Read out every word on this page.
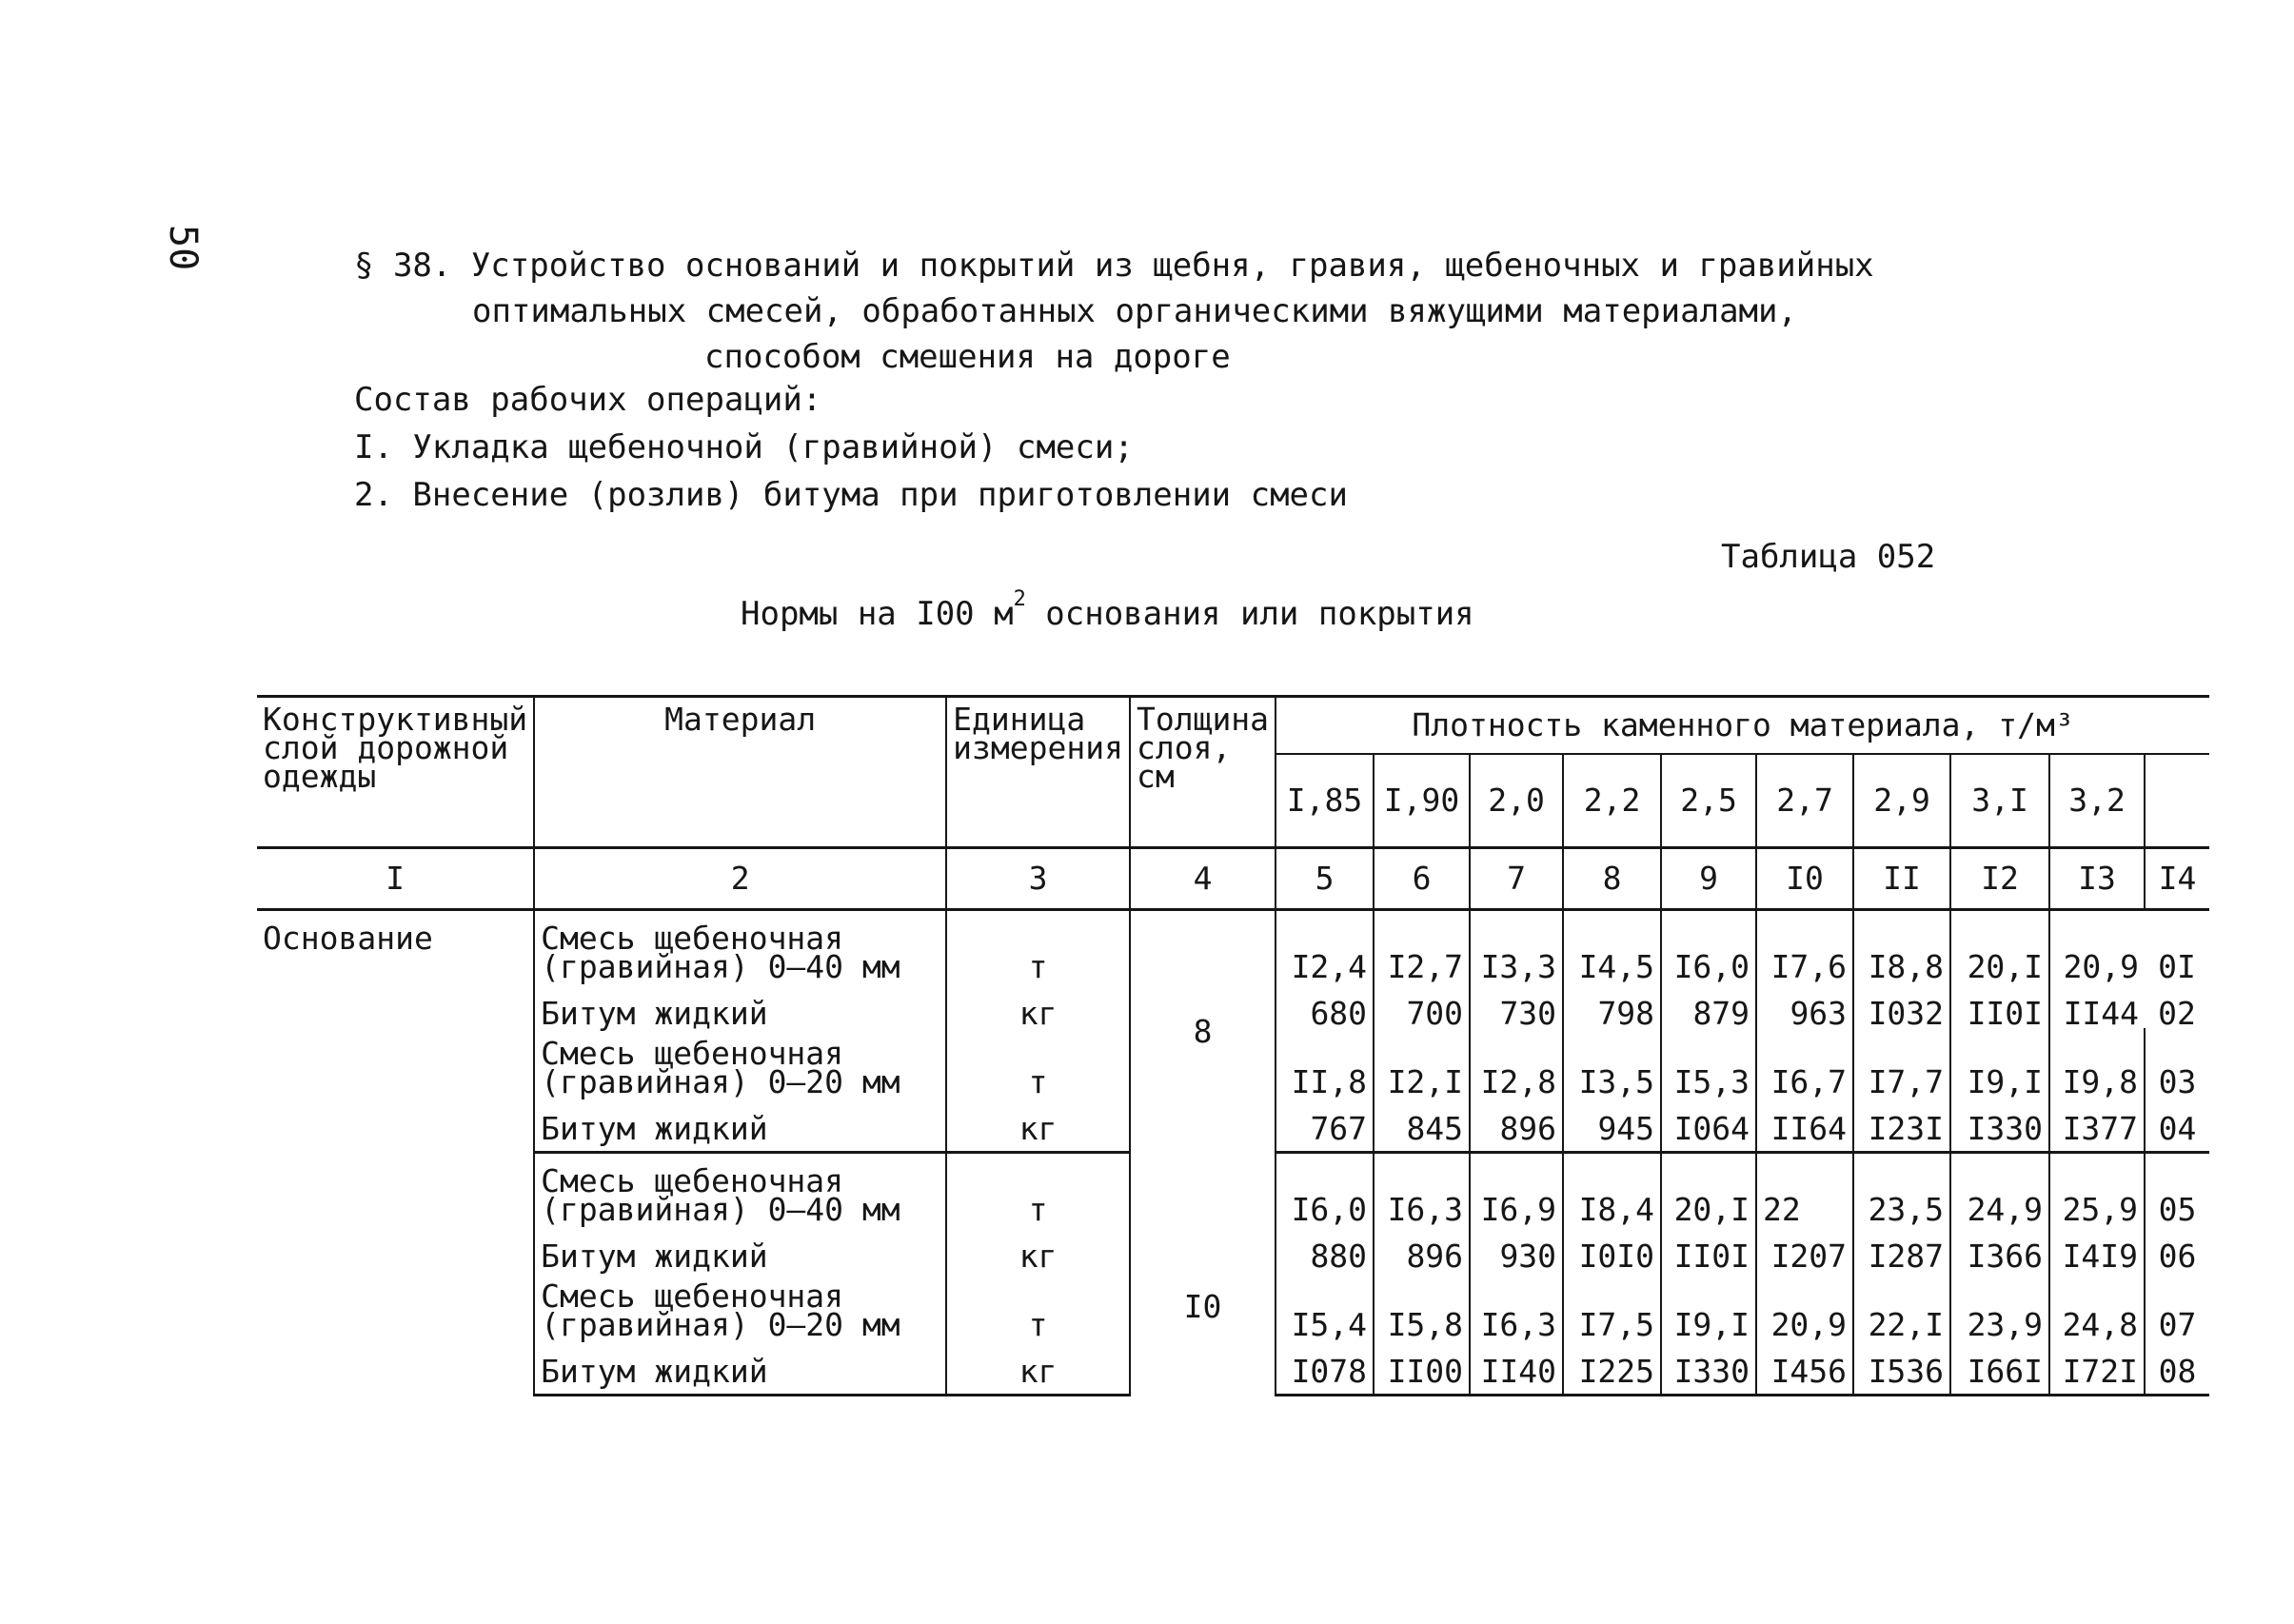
50	§ 38. Устройство оснований и покрытий из щебня, гравия, щебеночных и гравийных
оптимальных смесей, обработанных органическими вяжущими материалами,
способом смешения на дороге
Состав рабочих операций:
I. Укладка щебеночной (гравийной) смеси;
2. Внесение (розлив) битума при приготовлении смеси
Таблица 052
Нормы на I00 $м^2$ основания или покрытия
Конструктивный слой дорожной одежды	Материал	Единица измерения	Толщина слоя, см	Плотность каменного материала, т/м³									
				I,85	I,90	2,0	2,2	2,5	2,7	2,9	3,I	3,2	
I	2	3	4	5	6	7	8	9	I0	II	I2	I3	I4
Основание	Смесь щебеночная
(гравийная) 0–40 мм	т	8	I2,4	I2,7	I3,3	I4,5	I6,0	I7,6	I8,8	20,I	20,9	0I

	Битум жидкий	кг		680	700	730	798	879	963	I032	II0I	II44	02

	Смесь щебеночная
(гравийная) 0–20 мм	т		II,8	I2,I	I2,8	I3,5	I5,3	I6,7	I7,7	I9,I	I9,8	03

	Битум жидкий	кг		767	845	896	945	I064	II64	I23I	I330	I377	04

	Смесь щебеночная
(гравийная) 0–40 мм	т	I0	I6,0	I6,3	I6,9	I8,4	20,I	22	23,5	24,9	25,9	05

	Битум жидкий	кг		880	896	930	I0I0	II0I	I207	I287	I366	I4I9	06

	Смесь щебеночная
(гравийная) 0–20 мм	т		I5,4	I5,8	I6,3	I7,5	I9,I	20,9	22,I	23,9	24,8	07

	Битум жидкий	кг		I078	II00	II40	I225	I330	I456	I536	I66I	I72I	08
